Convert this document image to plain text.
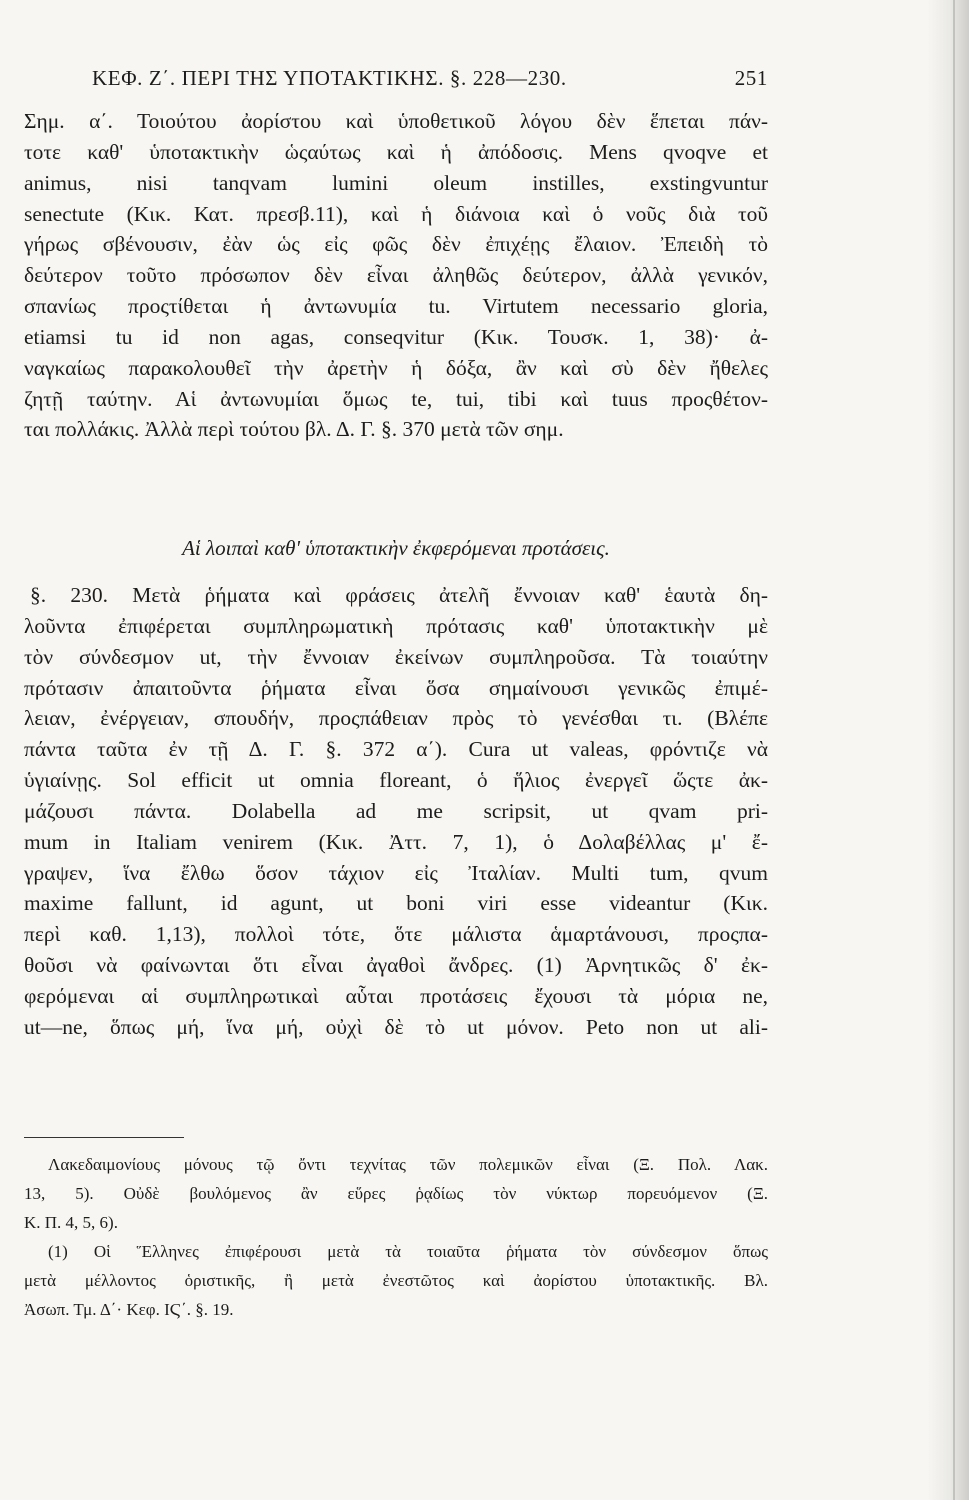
ΚΕΦ. Ζ΄. ΠΕΡΙ ΤΗΣ ΥΠΟΤΑΚΤΙΚΗΣ. §. 228—230.	251
Σημ. α΄. Τοιούτου ἀορίστου καὶ ὑποθετικοῦ λόγου δὲν ἕπεται πάν-
τοτε καθ' ὑποτακτικὴν ὡςαύτως καὶ ἡ ἀπόδοσις. Mens qvoqve et
animus, nisi tanqvam lumini oleum instilles, exstingvuntur
senectute (Κικ. Κατ. πρεσβ.11), καὶ ἡ διάνοια καὶ ὁ νοῦς διὰ τοῦ
γήρως σβένουσιν, ἐὰν ὡς εἰς φῶς δὲν ἐπιχέῃς ἔλαιον. Ἐπειδὴ τὸ
δεύτερον τοῦτο πρόσωπον δὲν εἶναι ἀληθῶς δεύτερον, ἀλλὰ γενικόν,
σπανίως προςτίθεται ἡ ἀντωνυμία tu. Virtutem necessario gloria,
etiamsi tu id non agas, conseqvitur (Κικ. Τουσκ. 1, 38)· ἀ-
ναγκαίως παρακολουθεῖ τὴν ἀρετὴν ἡ δόξα, ἂν καὶ σὺ δὲν ἤθελες
ζητῇ ταύτην. Αἱ ἀντωνυμίαι ὅμως te, tui, tibi καὶ tuus προςθέτον-
ται πολλάκις. Ἀλλὰ περὶ τούτου βλ. Δ. Γ. §. 370 μετὰ τῶν σημ.
Αἱ λοιπαὶ καθ' ὑποτακτικὴν ἐκφερόμεναι προτάσεις.
§. 230. Μετὰ ῥήματα καὶ φράσεις ἀτελῆ ἔννοιαν καθ' ἑαυτὰ δη-
λοῦντα ἐπιφέρεται συμπληρωματικὴ πρότασις καθ' ὑποτακτικὴν μὲ
τὸν σύνδεσμον ut, τὴν ἔννοιαν ἐκείνων συμπληροῦσα. Τὰ τοιαύτην
πρότασιν ἀπαιτοῦντα ῥήματα εἶναι ὅσα σημαίνουσι γενικῶς ἐπιμέ-
λειαν, ἐνέργειαν, σπουδήν, προςπάθειαν πρὸς τὸ γενέσθαι τι. (Βλέπε
πάντα ταῦτα ἐν τῇ Δ. Γ. §. 372 α΄). Cura ut valeas, φρόντιζε νὰ
ὑγιαίνῃς. Sol efficit ut omnia floreant, ὁ ἥλιος ἐνεργεῖ ὥςτε ἀκ-
μάζουσι πάντα. Dolabella ad me scripsit, ut qvam pri-
mum in Italiam venirem (Κικ. Ἀττ. 7, 1), ὁ Δολαβέλλας μ' ἔ-
γραψεν, ἵνα ἔλθω ὅσον τάχιον εἰς Ἰταλίαν. Multi tum, qvum
maxime fallunt, id agunt, ut boni viri esse videantur (Κικ.
περὶ καθ. 1,13), πολλοὶ τότε, ὅτε μάλιστα ἁμαρτάνουσι, προςπα-
θοῦσι νὰ φαίνωνται ὅτι εἶναι ἀγαθοὶ ἄνδρες. (1) Ἀρνητικῶς δ' ἐκ-
φερόμεναι αἱ συμπληρωτικαὶ αὗται προτάσεις ἔχουσι τὰ μόρια ne,
ut—ne, ὅπως μή, ἵνα μή, οὐχὶ δὲ τὸ ut μόνον. Peto non ut ali-
Λακεδαιμονίους μόνους τῷ ὄντι τεχνίτας τῶν πολεμικῶν εἶναι (Ξ. Πολ. Λακ.
13, 5). Οὐδὲ βουλόμενος ἂν εὕρες ῥᾳδίως τὸν νύκτωρ πορευόμενον (Ξ.
Κ. Π. 4, 5, 6).
(1) Οἱ Ἕλληνες ἐπιφέρουσι μετὰ τὰ τοιαῦτα ῥήματα τὸν σύνδεσμον ὅπως
μετὰ μέλλοντος ὁριστικῆς, ἢ μετὰ ἐνεστῶτος καὶ ἀορίστου ὑποτακτικῆς. Βλ.
Ἀσωπ. Τμ. Δ΄· Κεφ. ΙϚ΄. §. 19.
